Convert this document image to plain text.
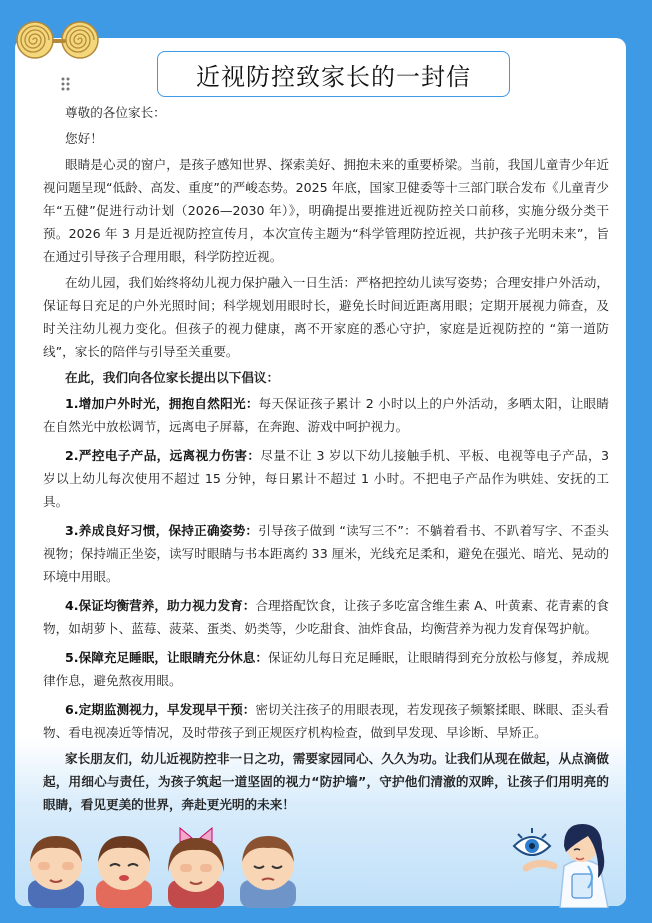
近视防控致家长的一封信

尊敬的各位家长：

您好！

眼睛是心灵的窗户，是孩子感知世界、探索美好、拥抱未来的重要桥梁。当前，我国儿童青少年近视问题呈现“低龄、高发、重度”的严峻态势。2025 年底，国家卫健委等十三部门联合发布《儿童青少年“五健”促进行动计划（2026—2030 年）》，明确提出要推进近视防控关口前移，实施分级分类干预。2026 年 3 月是近视防控宣传月，本次宣传主题为“科学管理防控近视，共护孩子光明未来”，旨在通过引导孩子合理用眼，科学防控近视。

在幼儿园，我们始终将幼儿视力保护融入一日生活：严格把控幼儿读写姿势；合理安排户外活动，保证每日充足的户外光照时间；科学规划用眼时长，避免长时间近距离用眼；定期开展视力筛查，及时关注幼儿视力变化。但孩子的视力健康，离不开家庭的悉心守护，家庭是近视防控的 “第一道防线”，家长的陪伴与引导至关重要。

在此，我们向各位家长提出以下倡议：

1.增加户外时光，拥抱自然阳光：每天保证孩子累计 2 小时以上的户外活动，多晒太阳，让眼睛在自然光中放松调节，远离电子屏幕，在奔跑、游戏中呵护视力。

2.严控电子产品，远离视力伤害：尽量不让 3 岁以下幼儿接触手机、平板、电视等电子产品，3 岁以上幼儿每次使用不超过 15 分钟，每日累计不超过 1 小时。不把电子产品作为哄娃、安抚的工具。

3.养成良好习惯，保持正确姿势：引导孩子做到 “读写三不”：不躺着看书、不趴着写字、不歪头视物；保持端正坐姿，读写时眼睛与书本距离约 33 厘米，光线充足柔和，避免在强光、暗光、晃动的环境中用眼。

4.保证均衡营养，助力视力发育：合理搭配饮食，让孩子多吃富含维生素 A、叶黄素、花青素的食物，如胡萝卜、蓝莓、菠菜、蛋类、奶类等，少吃甜食、油炸食品，均衡营养为视力发育保驾护航。

5.保障充足睡眠，让眼睛充分休息：保证幼儿每日充足睡眠，让眼睛得到充分放松与修复，养成规律作息，避免熬夜用眼。

6.定期监测视力，早发现早干预：密切关注孩子的用眼表现，若发现孩子频繁揉眼、眯眼、歪头看物、看电视凑近等情况，及时带孩子到正规医疗机构检查，做到早发现、早诊断、早矫正。

家长朋友们，幼儿近视防控非一日之功，需要家园同心、久久为功。让我们从现在做起，从点滴做起，用细心与责任，为孩子筑起一道坚固的视力“防护墙”，守护他们清澈的双眸，让孩子们用明亮的眼睛，看见更美的世界，奔赴更光明的未来！
